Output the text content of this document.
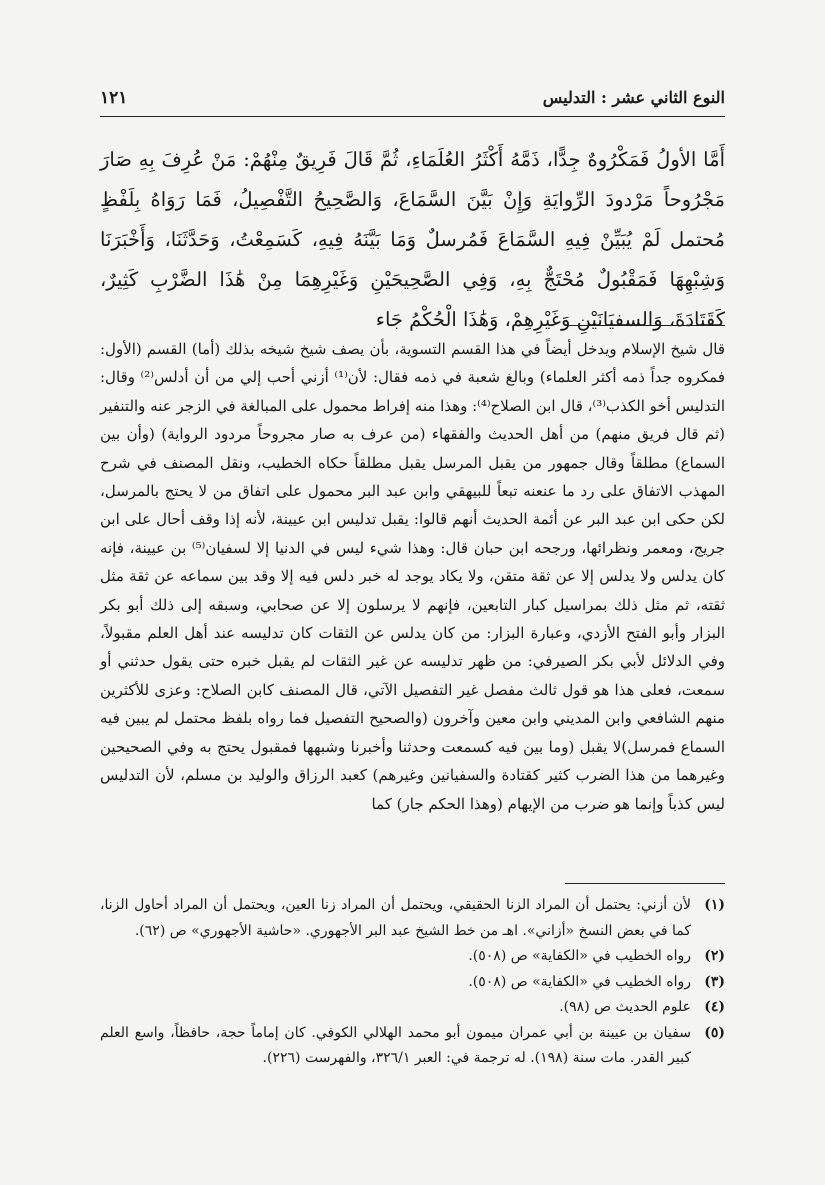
النوع الثاني عشر : التدليس
١٢١

أَمَّا الأولُ فَمَكْرُوهٌ جِدًّا، ذَمَّهُ أَكْثَرُ العُلَمَاءِ، ثُمَّ قَالَ فَرِيقٌ مِنْهُمْ: مَنْ عُرِفَ بِهِ صَارَ مَجْرُوحاً مَرْدودَ الرِّوايَةِ وَإِنْ بَيَّنَ السَّمَاعَ، وَالصَّحِيحُ التَّفْصِيلُ، فَمَا رَوَاهُ بِلَفْظٍ مُحتمل لَمْ يُبَيِّنْ فِيهِ السَّمَاعَ فَمُرسلٌ وَمَا بَيَّنَهُ فِيهِ، كَسَمِعْتُ، وَحَدَّثَنَا، وَأَخْبَرَنَا وَشِبْهِهَا فَمَقْبُولٌ مُحْتَجٌّ بِهِ، وَفِي الصَّحِيحَيْنِ وَغَيْرِهِمَا مِنْ هَٰذَا الضَّرْبِ كَثِيرٌ، كَقَتَادَةَ، وَالسفيَانَيْنِ وَغَيْرِهِمْ، وَهَٰذَا الْحُكْمُ جَاء

قال شيخ الإسلام ويدخل أيضاً في هذا القسم التسوية، بأن يصف شيخ شيخه بذلك (أما) القسم (الأول: فمكروه جداً ذمه أكثر العلماء) وبالغ شعبة في ذمه فقال: لأن⁽¹⁾ أزني أحب إلي من أن أدلس⁽²⁾ وقال: التدليس أخو الكذب⁽³⁾، قال ابن الصلاح⁽⁴⁾: وهذا منه إفراط محمول على المبالغة في الزجر عنه والتنفير (ثم قال فريق منهم) من أهل الحديث والفقهاء (من عرف به صار مجروحاً مردود الرواية) (وأن بين السماع) مطلقاً وقال جمهور من يقبل المرسل يقبل مطلقاً حكاه الخطيب، ونقل المصنف في شرح المهذب الاتفاق على رد ما عنعنه تبعاً للبيهقي وابن عبد البر محمول على اتفاق من لا يحتج بالمرسل، لكن حكى ابن عبد البر عن أئمة الحديث أنهم قالوا: يقبل تدليس ابن عيينة، لأنه إذا وقف أحال على ابن جريج، ومعمر ونظرائها، ورجحه ابن حبان قال: وهذا شيء ليس في الدنيا إلا لسفيان⁽⁵⁾ بن عيينة، فإنه كان يدلس ولا يدلس إلا عن ثقة متقن، ولا يكاد يوجد له خبر دلس فيه إلا وقد بين سماعه عن ثقة مثل ثقته، ثم مثل ذلك بمراسيل كبار التابعين، فإنهم لا يرسلون إلا عن صحابي، وسبقه إلى ذلك أبو بكر البزار وأبو الفتح الأزدي، وعبارة البزار: من كان يدلس عن الثقات كان تدليسه عند أهل العلم مقبولاً، وفي الدلائل لأبي بكر الصيرفي: من ظهر تدليسه عن غير الثقات لم يقبل خبره حتى يقول حدثني أو سمعت، فعلى هذا هو قول ثالث مفصل غير التفصيل الآتي، قال المصنف كابن الصلاح: وعزى للأكثرين منهم الشافعي وابن المديني وابن معين وآخرون (والصحيح التفصيل فما رواه بلفظ محتمل لم يبين فيه السماع فمرسل)لا يقبل (وما بين فيه كسمعت وحدثنا وأخبرنا وشبهها فمقبول يحتج به وفي الصحيحين وغيرهما من هذا الضرب كثير كقتادة والسفيانين وغيرهم) كعبد الرزاق والوليد بن مسلم، لأن التدليس ليس كذباً وإنما هو ضرب من الإيهام (وهذا الحكم جار) كما

(١)
لأن أزني: يحتمل أن المراد الزنا الحقيقي، ويحتمل أن المراد زنا العين، ويحتمل أن المراد أحاول الزنا، كما في بعض النسخ «أزاني». اهـ من خط الشيخ عبد البر الأجهوري. «حاشية الأجهوري» ص (٦٢).
(٢)
رواه الخطيب في «الكفاية» ص (٥٠٨).
(٣)
رواه الخطيب في «الكفاية» ص (٥٠٨).
(٤)
علوم الحديث ص (٩٨).
(٥)
سفيان بن عيينة بن أبي عمران ميمون أبو محمد الهلالي الكوفي. كان إماماً حجة، حافظاً، واسع العلم كبير القدر. مات سنة (١٩٨). له ترجمة في: العبر ٣٢٦/١، والفهرست (٢٢٦).
